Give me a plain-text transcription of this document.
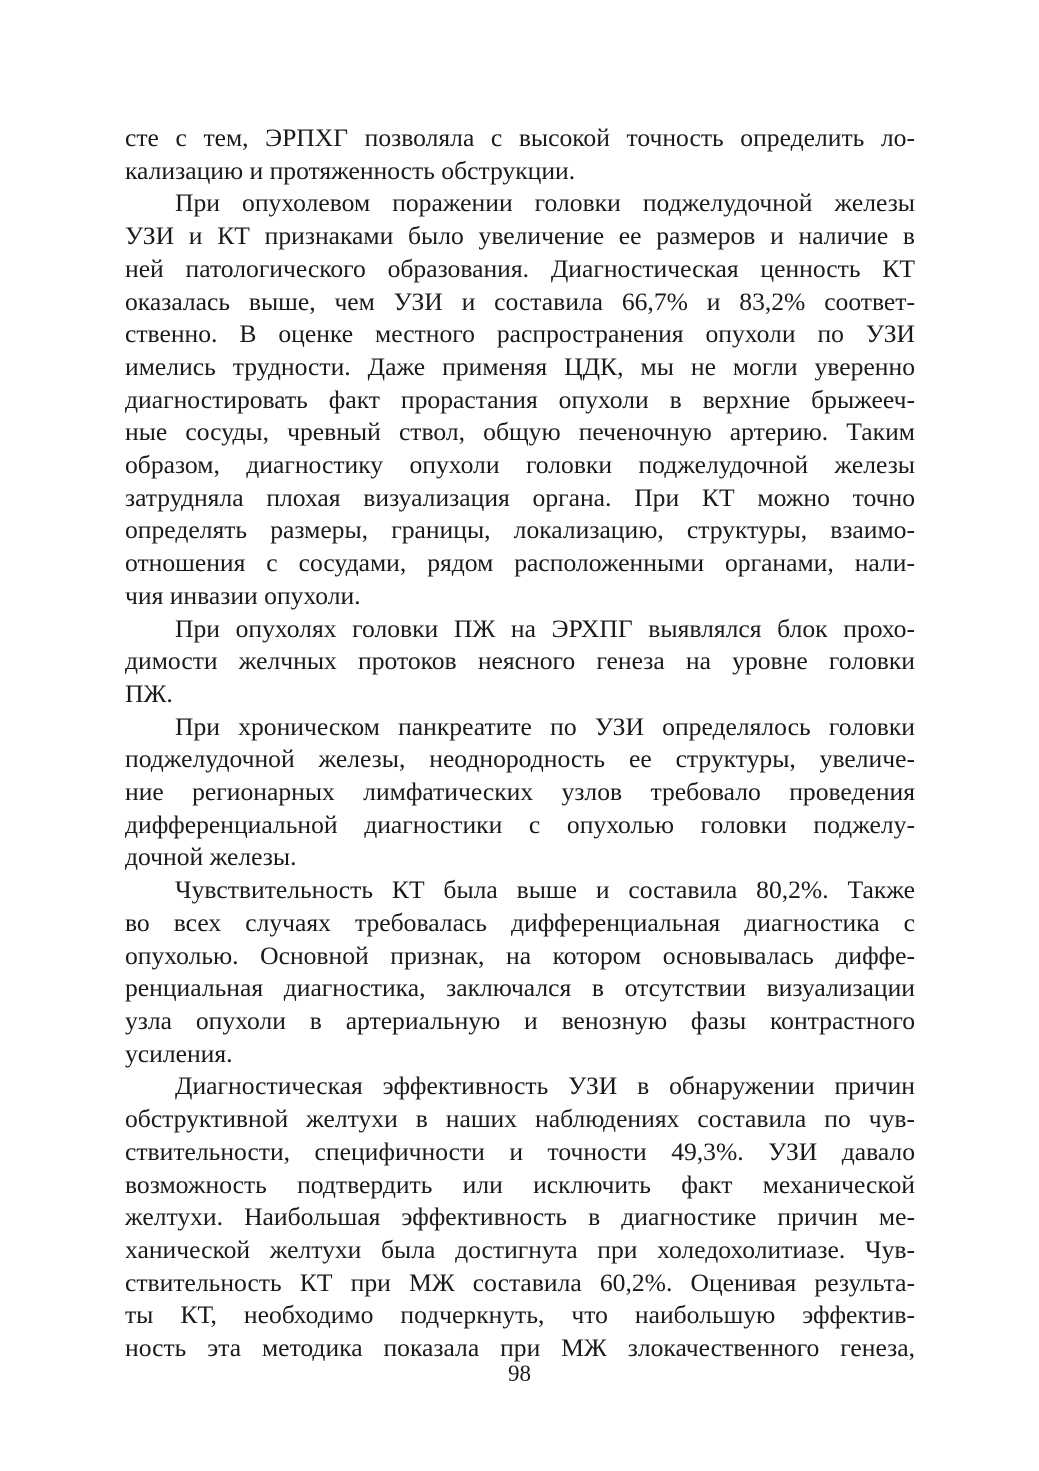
сте с тем, ЭРПХГ позволяла с высокой точность определить ло-
кализацию и протяженность обструкции.
При опухолевом поражении головки поджелудочной железы
УЗИ и КТ признаками было увеличение ее размеров и наличие в
ней патологического образования. Диагностическая ценность КТ
оказалась выше, чем УЗИ и составила 66,7% и 83,2% соответ-
ственно. В оценке местного распространения опухоли по УЗИ
имелись трудности. Даже применяя ЦДК, мы не могли уверенно
диагностировать факт прорастания опухоли в верхние брыжееч-
ные сосуды, чревный ствол, общую печеночную артерию. Таким
образом, диагностику опухоли головки поджелудочной железы
затрудняла плохая визуализация органа. При КТ можно точно
определять размеры, границы, локализацию, структуры, взаимо-
отношения с сосудами, рядом расположенными органами, нали-
чия инвазии опухоли.
При опухолях головки ПЖ на ЭРХПГ выявлялся блок прохо-
димости желчных протоков неясного генеза на уровне головки
ПЖ.
При хроническом панкреатите по УЗИ определялось головки
поджелудочной железы, неоднородность ее структуры, увеличе-
ние регионарных лимфатических узлов требовало проведения
дифференциальной диагностики с опухолью головки поджелу-
дочной железы.
Чувствительность КТ была выше и составила 80,2%. Также
во всех случаях требовалась дифференциальная диагностика с
опухолью. Основной признак, на котором основывалась диффе-
ренциальная диагностика, заключался в отсутствии визуализации
узла опухоли в артериальную и венозную фазы контрастного
усиления.
Диагностическая эффективность УЗИ в обнаружении причин
обструктивной желтухи в наших наблюдениях составила по чув-
ствительности, специфичности и точности 49,3%. УЗИ давало
возможность подтвердить или исключить факт механической
желтухи. Наибольшая эффективность в диагностике причин ме-
ханической желтухи была достигнута при холедохолитиазе. Чув-
ствительность КТ при МЖ составила 60,2%. Оценивая результа-
ты КТ, необходимо подчеркнуть, что наибольшую эффектив-
ность эта методика показала при МЖ злокачественного генеза,
98
